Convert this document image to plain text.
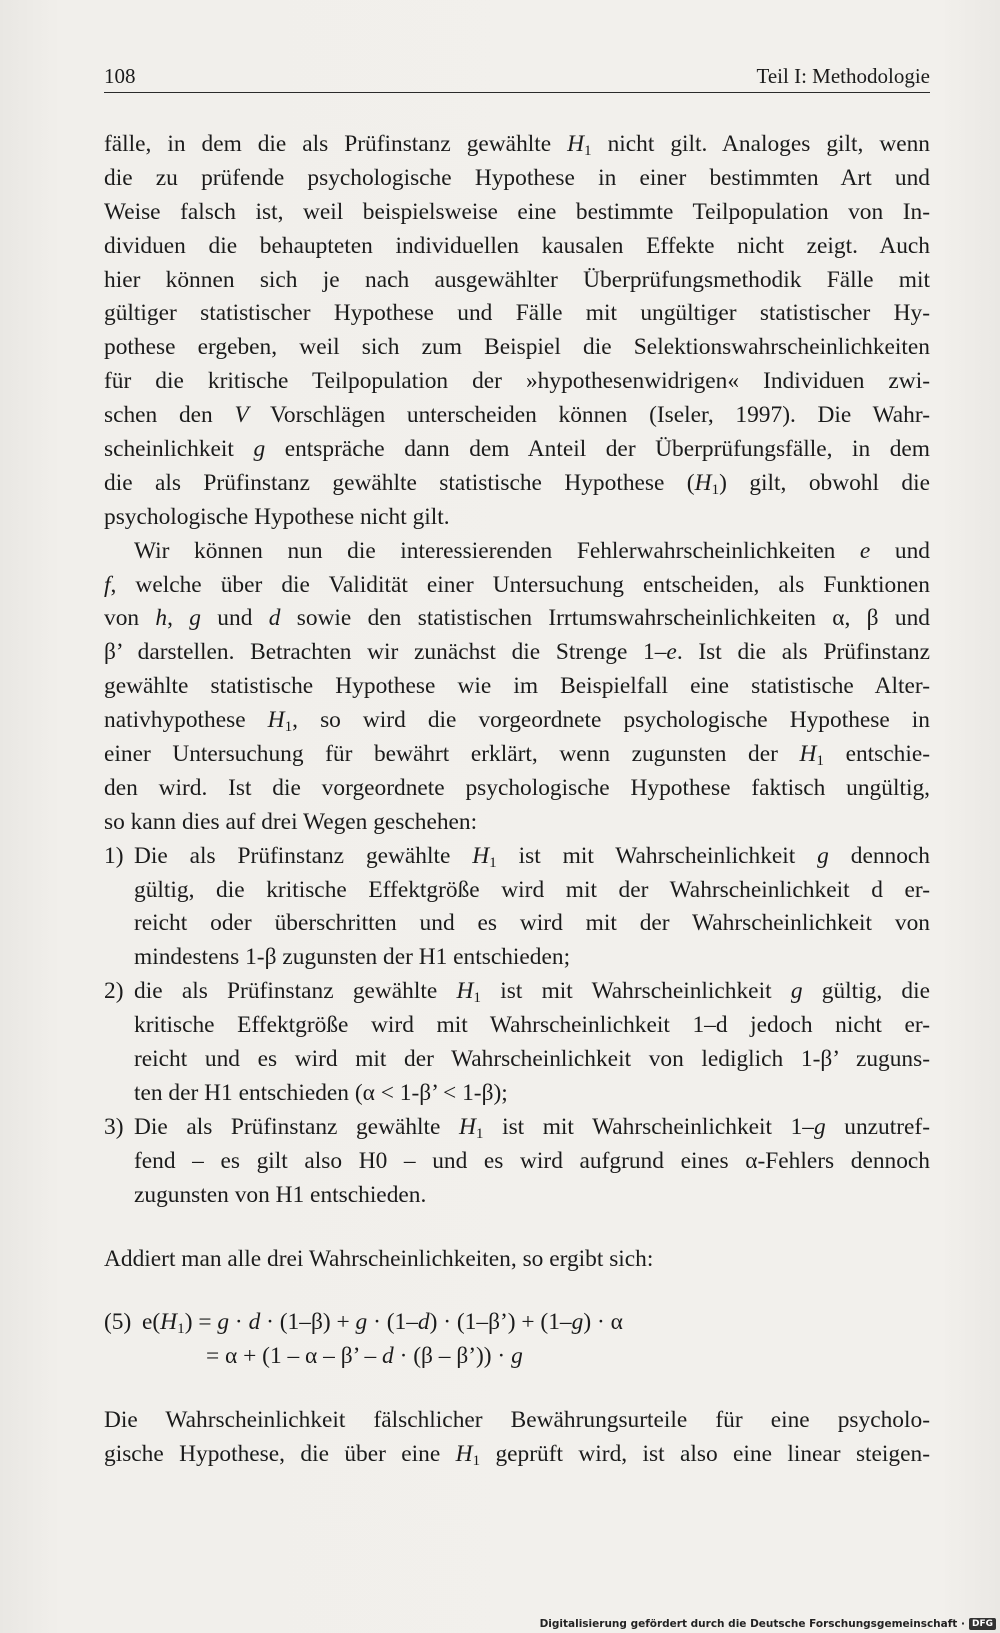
108	Teil I: Methodologie
fälle, in dem die als Prüfinstanz gewählte $H_1$ nicht gilt. Analoges gilt, wenn
die zu prüfende psychologische Hypothese in einer bestimmten Art und
Weise falsch ist, weil beispielsweise eine bestimmte Teilpopulation von In-
dividuen die behaupteten individuellen kausalen Effekte nicht zeigt. Auch
hier können sich je nach ausgewählter Überprüfungsmethodik Fälle mit
gültiger statistischer Hypothese und Fälle mit ungültiger statistischer Hy-
pothese ergeben, weil sich zum Beispiel die Selektionswahrscheinlichkeiten
für die kritische Teilpopulation der »hypothesenwidrigen« Individuen zwi-
schen den V Vorschlägen unterscheiden können (Iseler, 1997). Die Wahr-
scheinlichkeit g entspräche dann dem Anteil der Überprüfungsfälle, in dem
die als Prüfinstanz gewählte statistische Hypothese $(H_1)$ gilt, obwohl die
psychologische Hypothese nicht gilt.
Wir können nun die interessierenden Fehlerwahrscheinlichkeiten e und
f, welche über die Validität einer Untersuchung entscheiden, als Funktionen
von h, g und d sowie den statistischen Irrtumswahrscheinlichkeiten α, β und
β’ darstellen. Betrachten wir zunächst die Strenge 1–e. Ist die als Prüfinstanz
gewählte statistische Hypothese wie im Beispielfall eine statistische Alter-
nativhypothese $H_1$, so wird die vorgeordnete psychologische Hypothese in
einer Untersuchung für bewährt erklärt, wenn zugunsten der $H_1$ entschie-
den wird. Ist die vorgeordnete psychologische Hypothese faktisch ungültig,
so kann dies auf drei Wegen geschehen:
1) Die als Prüfinstanz gewählte $H_1$ ist mit Wahrscheinlichkeit g dennoch
gültig, die kritische Effektgröße wird mit der Wahrscheinlichkeit d er-
reicht oder überschritten und es wird mit der Wahrscheinlichkeit von
mindestens 1-β zugunsten der H1 entschieden;
2) die als Prüfinstanz gewählte $H_1$ ist mit Wahrscheinlichkeit g gültig, die
kritische Effektgröße wird mit Wahrscheinlichkeit 1–d jedoch nicht er-
reicht und es wird mit der Wahrscheinlichkeit von lediglich 1-β’ zuguns-
ten der H1 entschieden (α < 1-β’ < 1-β);
3) Die als Prüfinstanz gewählte $H_1$ ist mit Wahrscheinlichkeit 1–g unzutref-
fend – es gilt also H0 – und es wird aufgrund eines α-Fehlers dennoch
zugunsten von H1 entschieden.
Addiert man alle drei Wahrscheinlichkeiten, so ergibt sich:
(5) $e(H_1) = g \cdot d \cdot (1-\beta) + g \cdot (1-d)$ · (1–β’) + (1–g) · α
= α + (1 – α – β’ – d · (β – β’)) · g
Die Wahrscheinlichkeit fälschlicher Bewährungsurteile für eine psycholo-
gische Hypothese, die über eine $H_1$ geprüft wird, ist also eine linear steigen-
Digitalisierung gefördert durch die Deutsche Forschungsgemeinschaft · DFG
